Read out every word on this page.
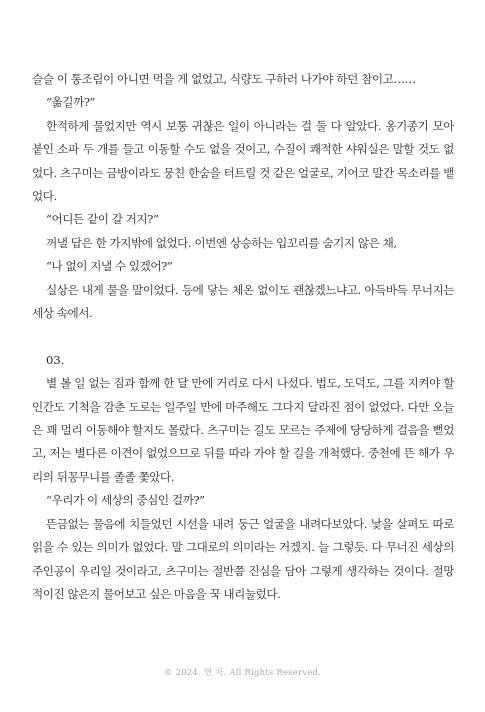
슬슬 이 통조림이 아니면 먹을 게 없었고, 식량도 구하러 나가야 하던 참이고……

“옮길까?”

한적하게 물었지만 역시 보통 귀찮은 일이 아니라는 걸 둘 다 알았다. 옹기종기 모아 붙인 소파 두 개를 들고 이동할 수도 없을 것이고, 수질이 쾌적한 샤워실은 말할 것도 없었다. 츠구미는 금방이라도 뭉친 한숨을 터트릴 것 같은 얼굴로, 기어코 말간 목소리를 뱉었다.

“어디든 같이 갈 거지?”

꺼낼 답은 한 가지밖에 없었다. 이번엔 상승하는 입꼬리를 숨기지 않은 채,

“나 없이 지낼 수 있겠어?”

실상은 내게 물을 말이었다. 등에 닿는 체온 없이도 괜찮겠느냐고. 아득바득 무너지는 세상 속에서.

03.

별 볼 일 없는 짐과 함께 한 달 만에 거리로 다시 나섰다. 법도, 도덕도, 그를 지켜야 할 인간도 기척을 감춘 도로는 일주일 만에 마주해도 그다지 달라진 점이 없었다. 다만 오늘은 꽤 멀리 이동해야 할지도 몰랐다. 츠구미는 길도 모르는 주제에 당당하게 걸음을 뻗었고, 저는 별다른 이견이 없었으므로 뒤를 따라 가야 할 길을 개척했다. 중천에 뜬 해가 우리의 뒤꽁무니를 졸졸 쫓았다.

“우리가 이 세상의 중심인 걸까?”

뜬금없는 물음에 치들었던 시선을 내려 둥근 얼굴을 내려다보았다. 낯을 살펴도 따로 읽을 수 있는 의미가 없었다. 말 그대로의 의미라는 거겠지. 늘 그렇듯. 다 무너진 세상의 주인공이 우리일 것이라고, 츠구미는 절반쯤 진심을 담아 그렇게 생각하는 것이다. 절망적이진 않은지 물어보고 싶은 마음을 꾹 내리눌렀다.

© 2024. 연 차. All Rights Reserved.
